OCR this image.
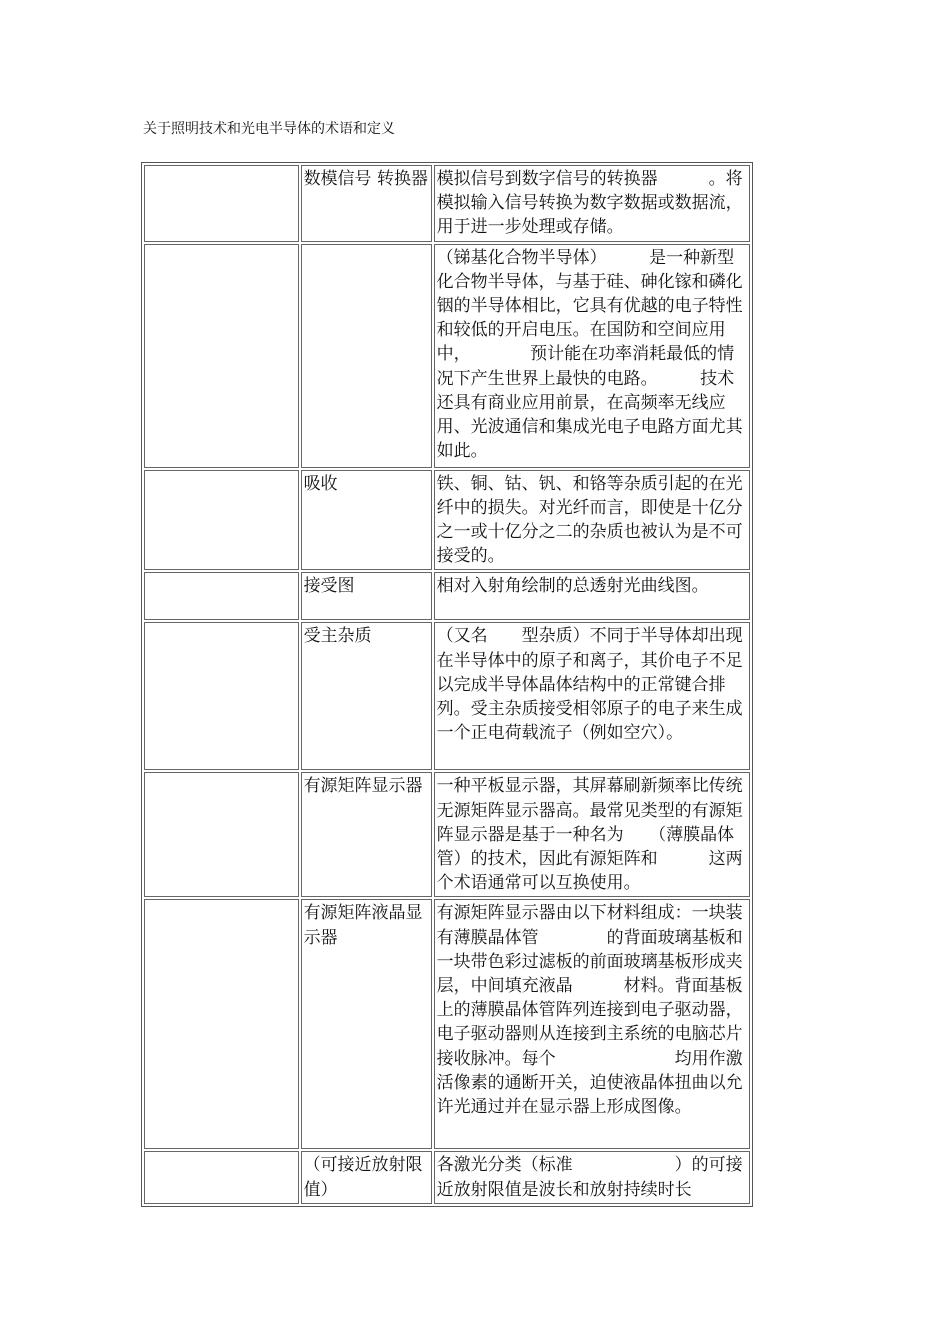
关于照明技术和光电半导体的术语和定义
	数模信号 转换器	模拟信号到数字信号的转换器　　　。将模拟输入信号转换为数字数据或数据流，用于进一步处理或存储。
		（锑基化合物半导体）　　　是一种新型化合物半导体，与基于硅、砷化镓和磷化铟的半导体相比，它具有优越的电子特性和较低的开启电压。在国防和空间应用中，　　　　预计能在功率消耗最低的情况下产生世界上最快的电路。　　　技术还具有商业应用前景，在高频率无线应用、光波通信和集成光电子电路方面尤其如此。
	吸收	铁、铜、钴、钒、和铬等杂质引起的在光纤中的损失。对光纤而言，即使是十亿分之一或十亿分之二的杂质也被认为是不可接受的。
	接受图	相对入射角绘制的总透射光曲线图。
	受主杂质	（又名　　型杂质）不同于半导体却出现在半导体中的原子和离子，其价电子不足以完成半导体晶体结构中的正常键合排列。受主杂质接受相邻原子的电子来生成一个正电荷载流子（例如空穴）。
	有源矩阵显示器	一种平板显示器，其屏幕刷新频率比传统无源矩阵显示器高。最常见类型的有源矩阵显示器是基于一种名为　　（薄膜晶体管）的技术，因此有源矩阵和　　　这两个术语通常可以互换使用。
	有源矩阵液晶显示器	有源矩阵显示器由以下材料组成：一块装有薄膜晶体管　　　　的背面玻璃基板和一块带色彩过滤板的前面玻璃基板形成夹层，中间填充液晶　　　材料。背面基板上的薄膜晶体管阵列连接到电子驱动器，电子驱动器则从连接到主系统的电脑芯片接收脉冲。每个　　　　　　　均用作激活像素的通断开关，迫使液晶体扭曲以允许光通过并在显示器上形成图像。
	（可接近放射限值）	各激光分类（标准　　　　　　）的可接近放射限值是波长和放射持续时长
